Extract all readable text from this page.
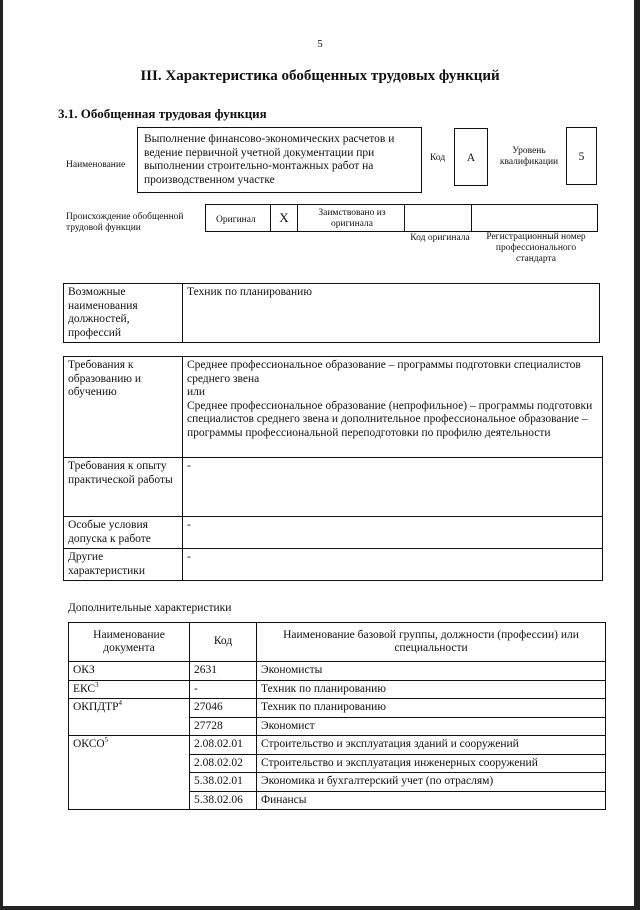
5
III. Характеристика обобщенных трудовых функций
3.1. Обобщенная трудовая функция
Наименование
Выполнение финансово-экономических расчетов и ведение первичной учетной документации при выполнении строительно-монтажных работ на производственном участке
Код	А
Уровень квалификации	5
Происхождение обобщенной трудовой функции
Оригинал	X	Заимствовано из оригинала
Код оригинала	Регистрационный номер профессионального стандарта
Возможные наименования должностей, профессий	Техник по планированию
Требования к образованию и обучению	Среднее профессиональное образование – программы подготовки специалистов среднего звена
или
Среднее профессиональное образование (непрофильное) – программы подготовки специалистов среднего звена и дополнительное профессиональное образование – программы профессиональной переподготовки по профилю деятельности

Требования к опыту практической работы	-
Особые условия допуска к работе	-
Другие характеристики	-
Дополнительные характеристики
Наименование документа	Код	Наименование базовой группы, должности (профессии) или специальности
ОКЗ	2631	Экономисты
ЕКС$^3$	-	Техник по планированию
ОКПДТР$^4$	27046	Техник по планированию
	27728	Экономист
ОКСО$^5$	2.08.02.01	Строительство и эксплуатация зданий и сооружений
	2.08.02.02	Строительство и эксплуатация инженерных сооружений
	5.38.02.01	Экономика и бухгалтерский учет (по отраслям)
	5.38.02.06	Финансы
